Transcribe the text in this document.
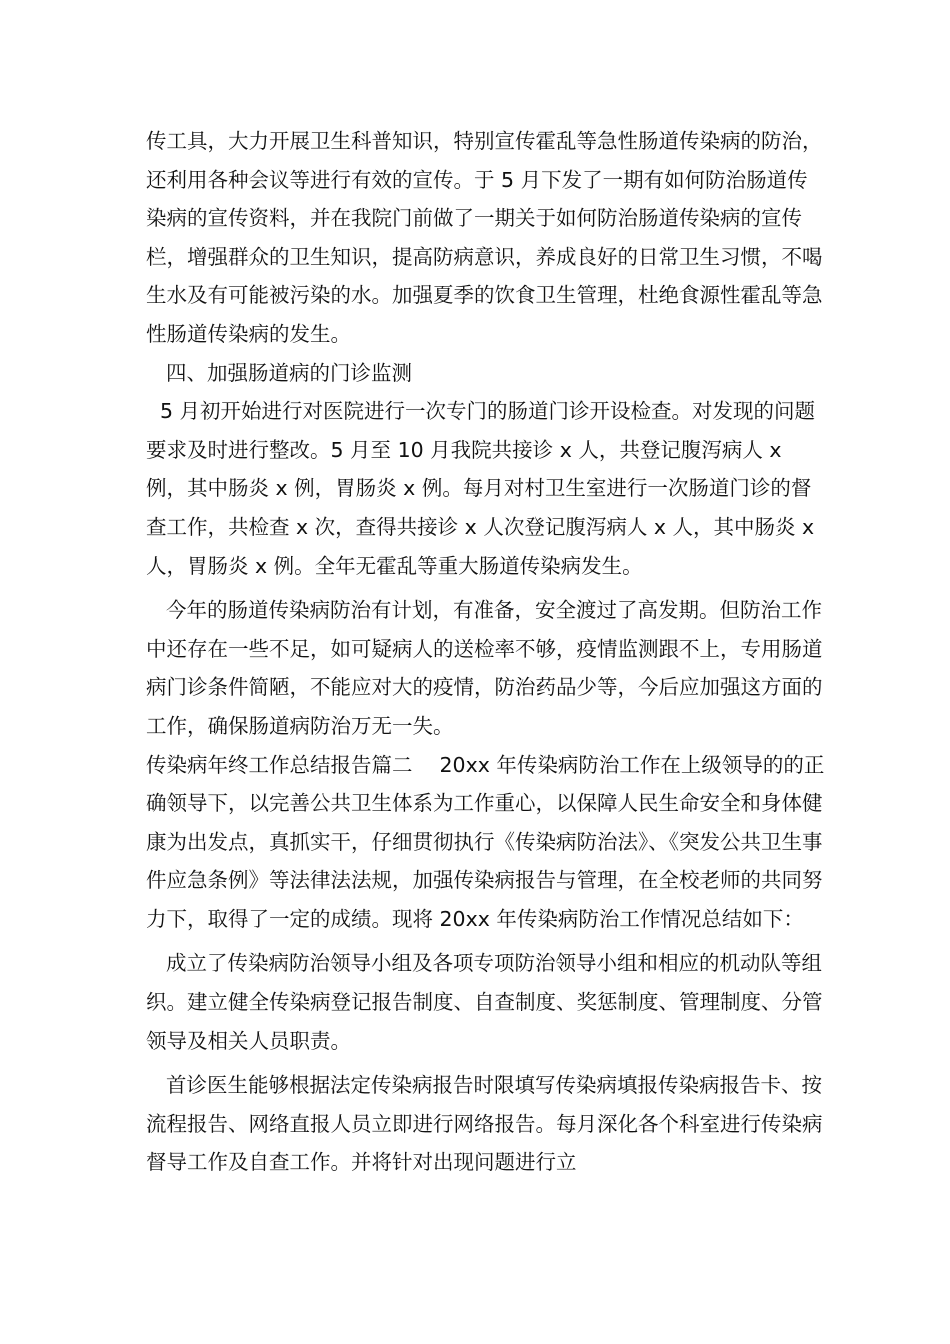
传工具，大力开展卫生科普知识，特别宣传霍乱等急性肠道传染病的防治，还利用各种会议等进行有效的宣传。于 5 月下发了一期有如何防治肠道传染病的宣传资料，并在我院门前做了一期关于如何防治肠道传染病的宣传栏，增强群众的卫生知识，提高防病意识，养成良好的日常卫生习惯，不喝生水及有可能被污染的水。加强夏季的饮食卫生管理，杜绝食源性霍乱等急性肠道传染病的发生。

四、加强肠道病的门诊监测

5 月初开始进行对医院进行一次专门的肠道门诊开设检查。对发现的问题要求及时进行整改。5 月至 10 月我院共接诊 x 人，共登记腹泻病人 x 例，其中肠炎 x 例，胃肠炎 x 例。每月对村卫生室进行一次肠道门诊的督查工作，共检查 x 次，查得共接诊 x 人次登记腹泻病人 x 人，其中肠炎 x 人，胃肠炎 x 例。全年无霍乱等重大肠道传染病发生。

今年的肠道传染病防治有计划，有准备，安全渡过了高发期。但防治工作中还存在一些不足，如可疑病人的送检率不够，疫情监测跟不上，专用肠道病门诊条件简陋，不能应对大的疫情，防治药品少等，今后应加强这方面的工作，确保肠道病防治万无一失。

传染病年终工作总结报告篇二　 20xx 年传染病防治工作在上级领导的的正确领导下，以完善公共卫生体系为工作重心，以保障人民生命安全和身体健康为出发点，真抓实干，仔细贯彻执行《传染病防治法》、《突发公共卫生事件应急条例》等法律法法规，加强传染病报告与管理，在全校老师的共同努力下，取得了一定的成绩。现将 20xx 年传染病防治工作情况总结如下：

成立了传染病防治领导小组及各项专项防治领导小组和相应的机动队等组织。建立健全传染病登记报告制度、自查制度、奖惩制度、管理制度、分管领导及相关人员职责。

首诊医生能够根据法定传染病报告时限填写传染病填报传染病报告卡、按流程报告、网络直报人员立即进行网络报告。每月深化各个科室进行传染病督导工作及自查工作。并将针对出现问题进行立
